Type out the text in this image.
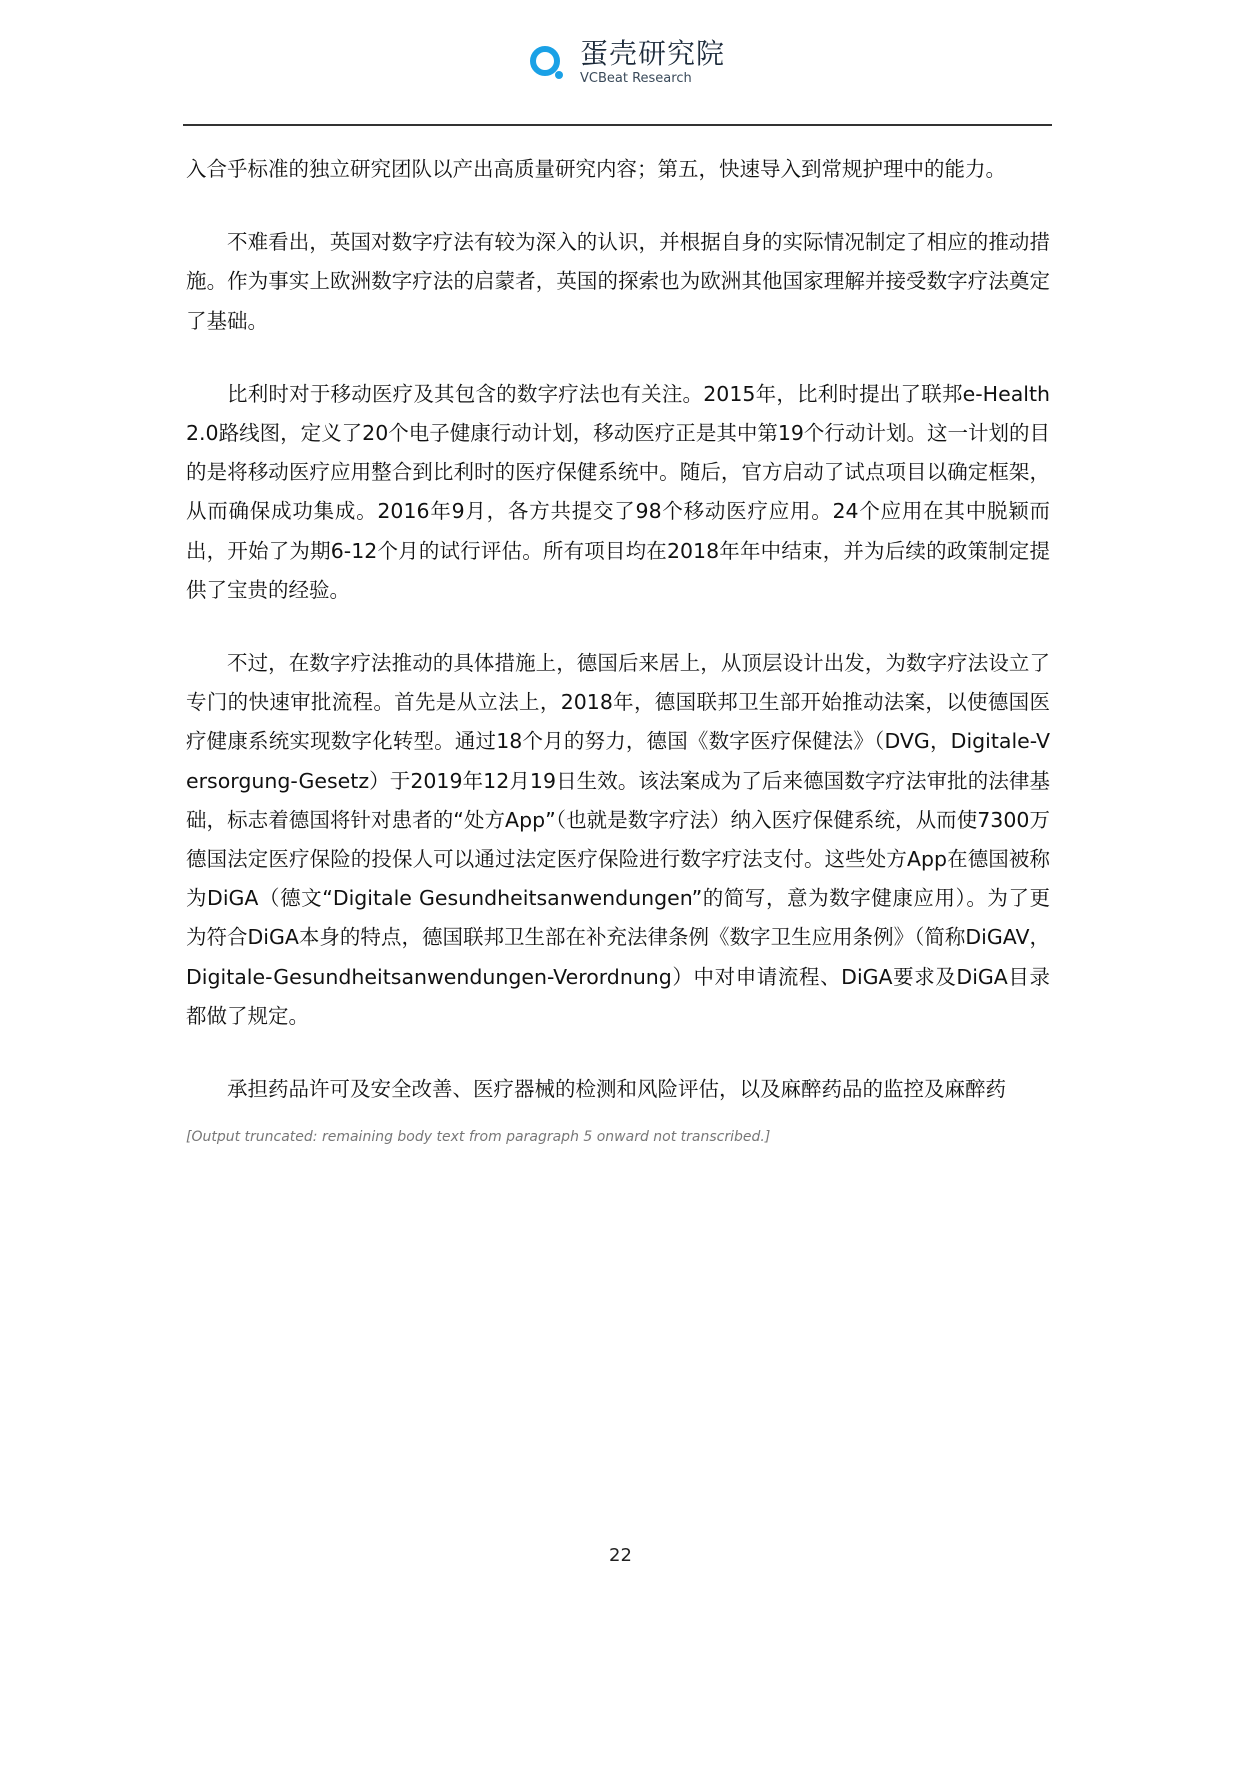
蛋壳研究院
VCBeat Research

入合乎标准的独立研究团队以产出高质量研究内容；第五，快速导入到常规护理中的能力。

不难看出，英国对数字疗法有较为深入的认识，并根据自身的实际情况制定了相应的推动措施。作为事实上欧洲数字疗法的启蒙者，英国的探索也为欧洲其他国家理解并接受数字疗法奠定了基础。

比利时对于移动医疗及其包含的数字疗法也有关注。2015年，比利时提出了联邦e-Health 2.0路线图，定义了20个电子健康行动计划，移动医疗正是其中第19个行动计划。这一计划的目的是将移动医疗应用整合到比利时的医疗保健系统中。随后，官方启动了试点项目以确定框架，从而确保成功集成。2016年9月，各方共提交了98个移动医疗应用。24个应用在其中脱颖而出，开始了为期6-12个月的试行评估。所有项目均在2018年年中结束，并为后续的政策制定提供了宝贵的经验。

不过，在数字疗法推动的具体措施上，德国后来居上，从顶层设计出发，为数字疗法设立了专门的快速审批流程。首先是从立法上，2018年，德国联邦卫生部开始推动法案，以使德国医疗健康系统实现数字化转型。通过18个月的努力，德国《数字医疗保健法》（DVG，Digitale-Versorgung-Gesetz）于2019年12月19日生效。该法案成为了后来德国数字疗法审批的法律基础，标志着德国将针对患者的“处方App”（也就是数字疗法）纳入医疗保健系统，从而使7300万德国法定医疗保险的投保人可以通过法定医疗保险进行数字疗法支付。这些处方App在德国被称为DiGA（德文“Digitale Gesundheitsanwendungen”的简写，意为数字健康应用）。为了更为符合DiGA本身的特点，德国联邦卫生部在补充法律条例《数字卫生应用条例》（简称DiGAV，Digitale-Gesundheitsanwendungen-Verordnung）中对申请流程、DiGA要求及DiGA目录都做了规定。

承担药品许可及安全改善、医疗器械的检测和风险评估，以及麻醉药品的监控及麻醉药

[Output truncated: remaining body text from paragraph 5 onward not transcribed.]
22
